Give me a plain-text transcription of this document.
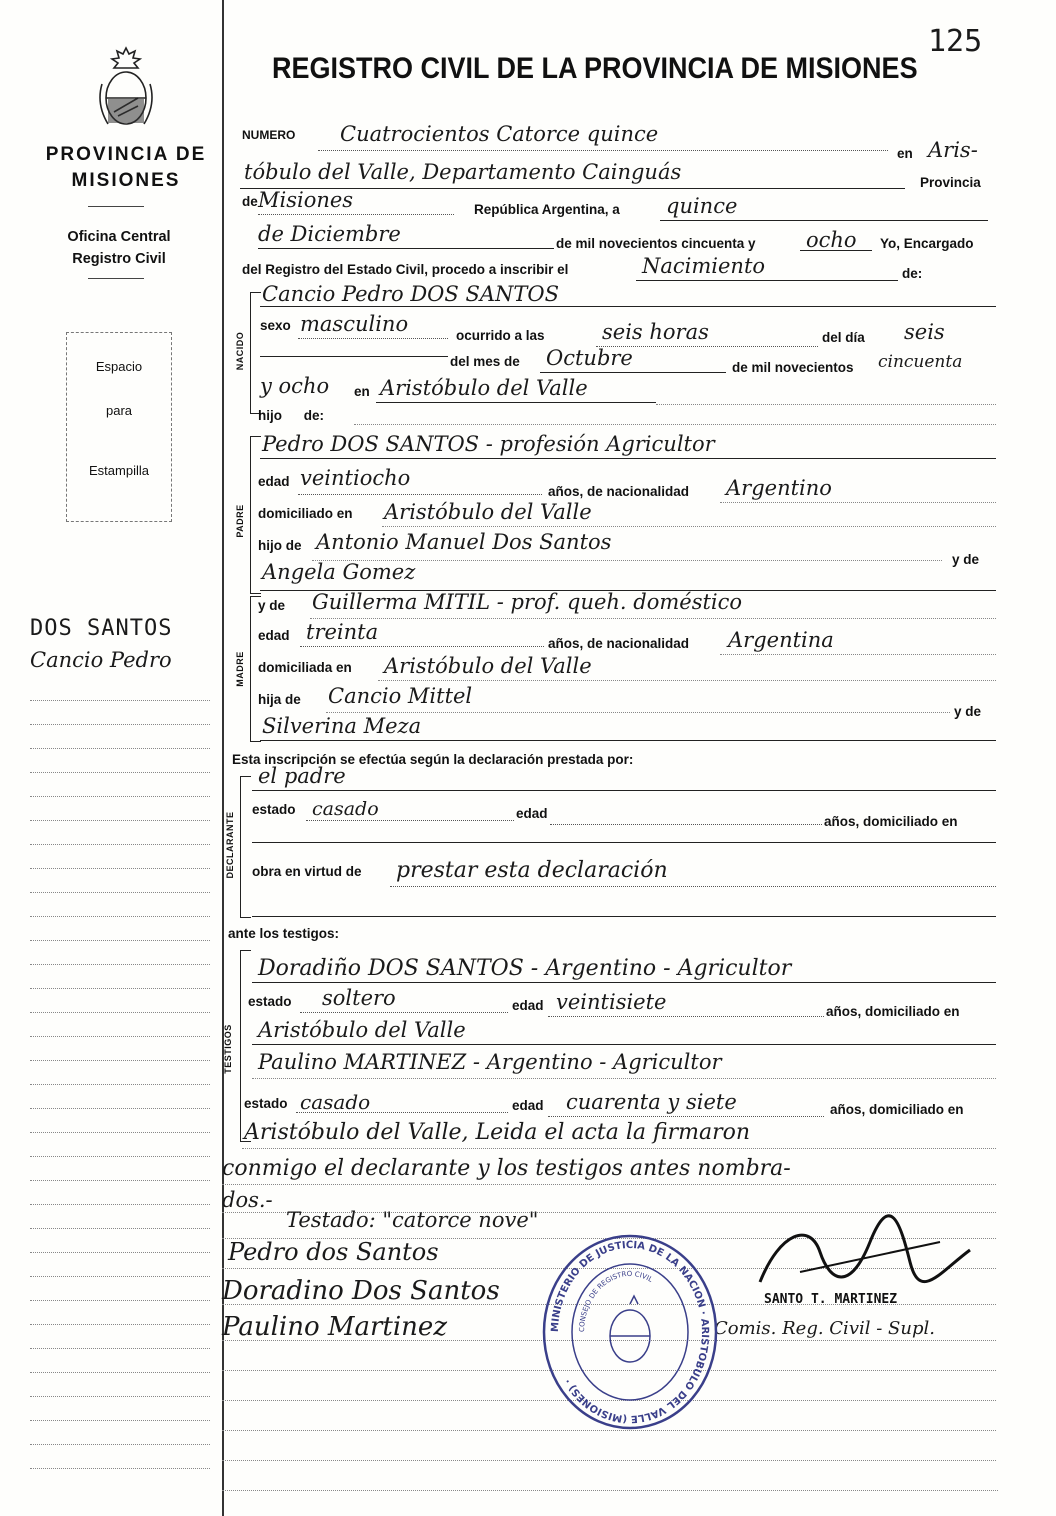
125
PROVINCIA DE MISIONES
Oficina Central Registro Civil
Espacio
para
Estampilla
DOS SANTOS
Cancio Pedro
REGISTRO CIVIL DE LA PROVINCIA DE MISIONES
NUMERO Cuatrocientos Catorce quince
en Aris-
tóbulo del Valle, Departamento Cainguás	Provincia
de Misiones	República Argentina, a quince
de Diciembre	de mil novecientos cincuenta y ocho Yo, Encargado
del Registro del Estado Civil, procedo a inscribir el	Nacimiento	de:
NACIDO
Cancio Pedro DOS SANTOS
sexo masculino	ocurrido a las	seis horas	del día seis
del mes de Octubre	de mil novecientos cincuenta
y ocho en Aristóbulo del Valle
hijo de:
PADRE
Pedro DOS SANTOS - profesión Agricultor
edad veintiocho
años, de nacionalidad Argentino
domiciliado en Aristóbulo del Valle
hijo de Antonio Manuel Dos Santos
y de
Angela Gomez
MADRE
y de Guillerma MITIL - prof. queh. doméstico
edad treinta	años, de nacionalidad Argentina
domiciliada en Aristóbulo del Valle
hija de Cancio Mittel
y de
Silverina Meza
Esta inscripción se efectúa según la declaración prestada por:
DECLARANTE
el padre
estado casado	edad
años, domiciliado en
obra en virtud de prestar esta declaración
ante los testigos:
TESTIGOS
Doradiño DOS SANTOS - Argentino - Agricultor
estado soltero	edad veintisiete	años, domiciliado en
Aristóbulo del Valle
Paulino MARTINEZ - Argentino - Agricultor
estado casado	edad cuarenta y siete	años, domiciliado en
Aristóbulo del Valle, Leida el acta la firmaron
conmigo el declarante y los testigos antes nombra-
dos.-
Testado: "catorce nove"
Pedro dos Santos
Doradino Dos Santos
Paulino Martinez
SANTO T. MARTINEZ
Comis. Reg. Civil - Supl.
MINISTERIO DE JUSTICIA DE LA NACION · ARISTOBULO DEL VALLE (MISIONES) ·
CONSEJO DE REGISTRO CIVIL
